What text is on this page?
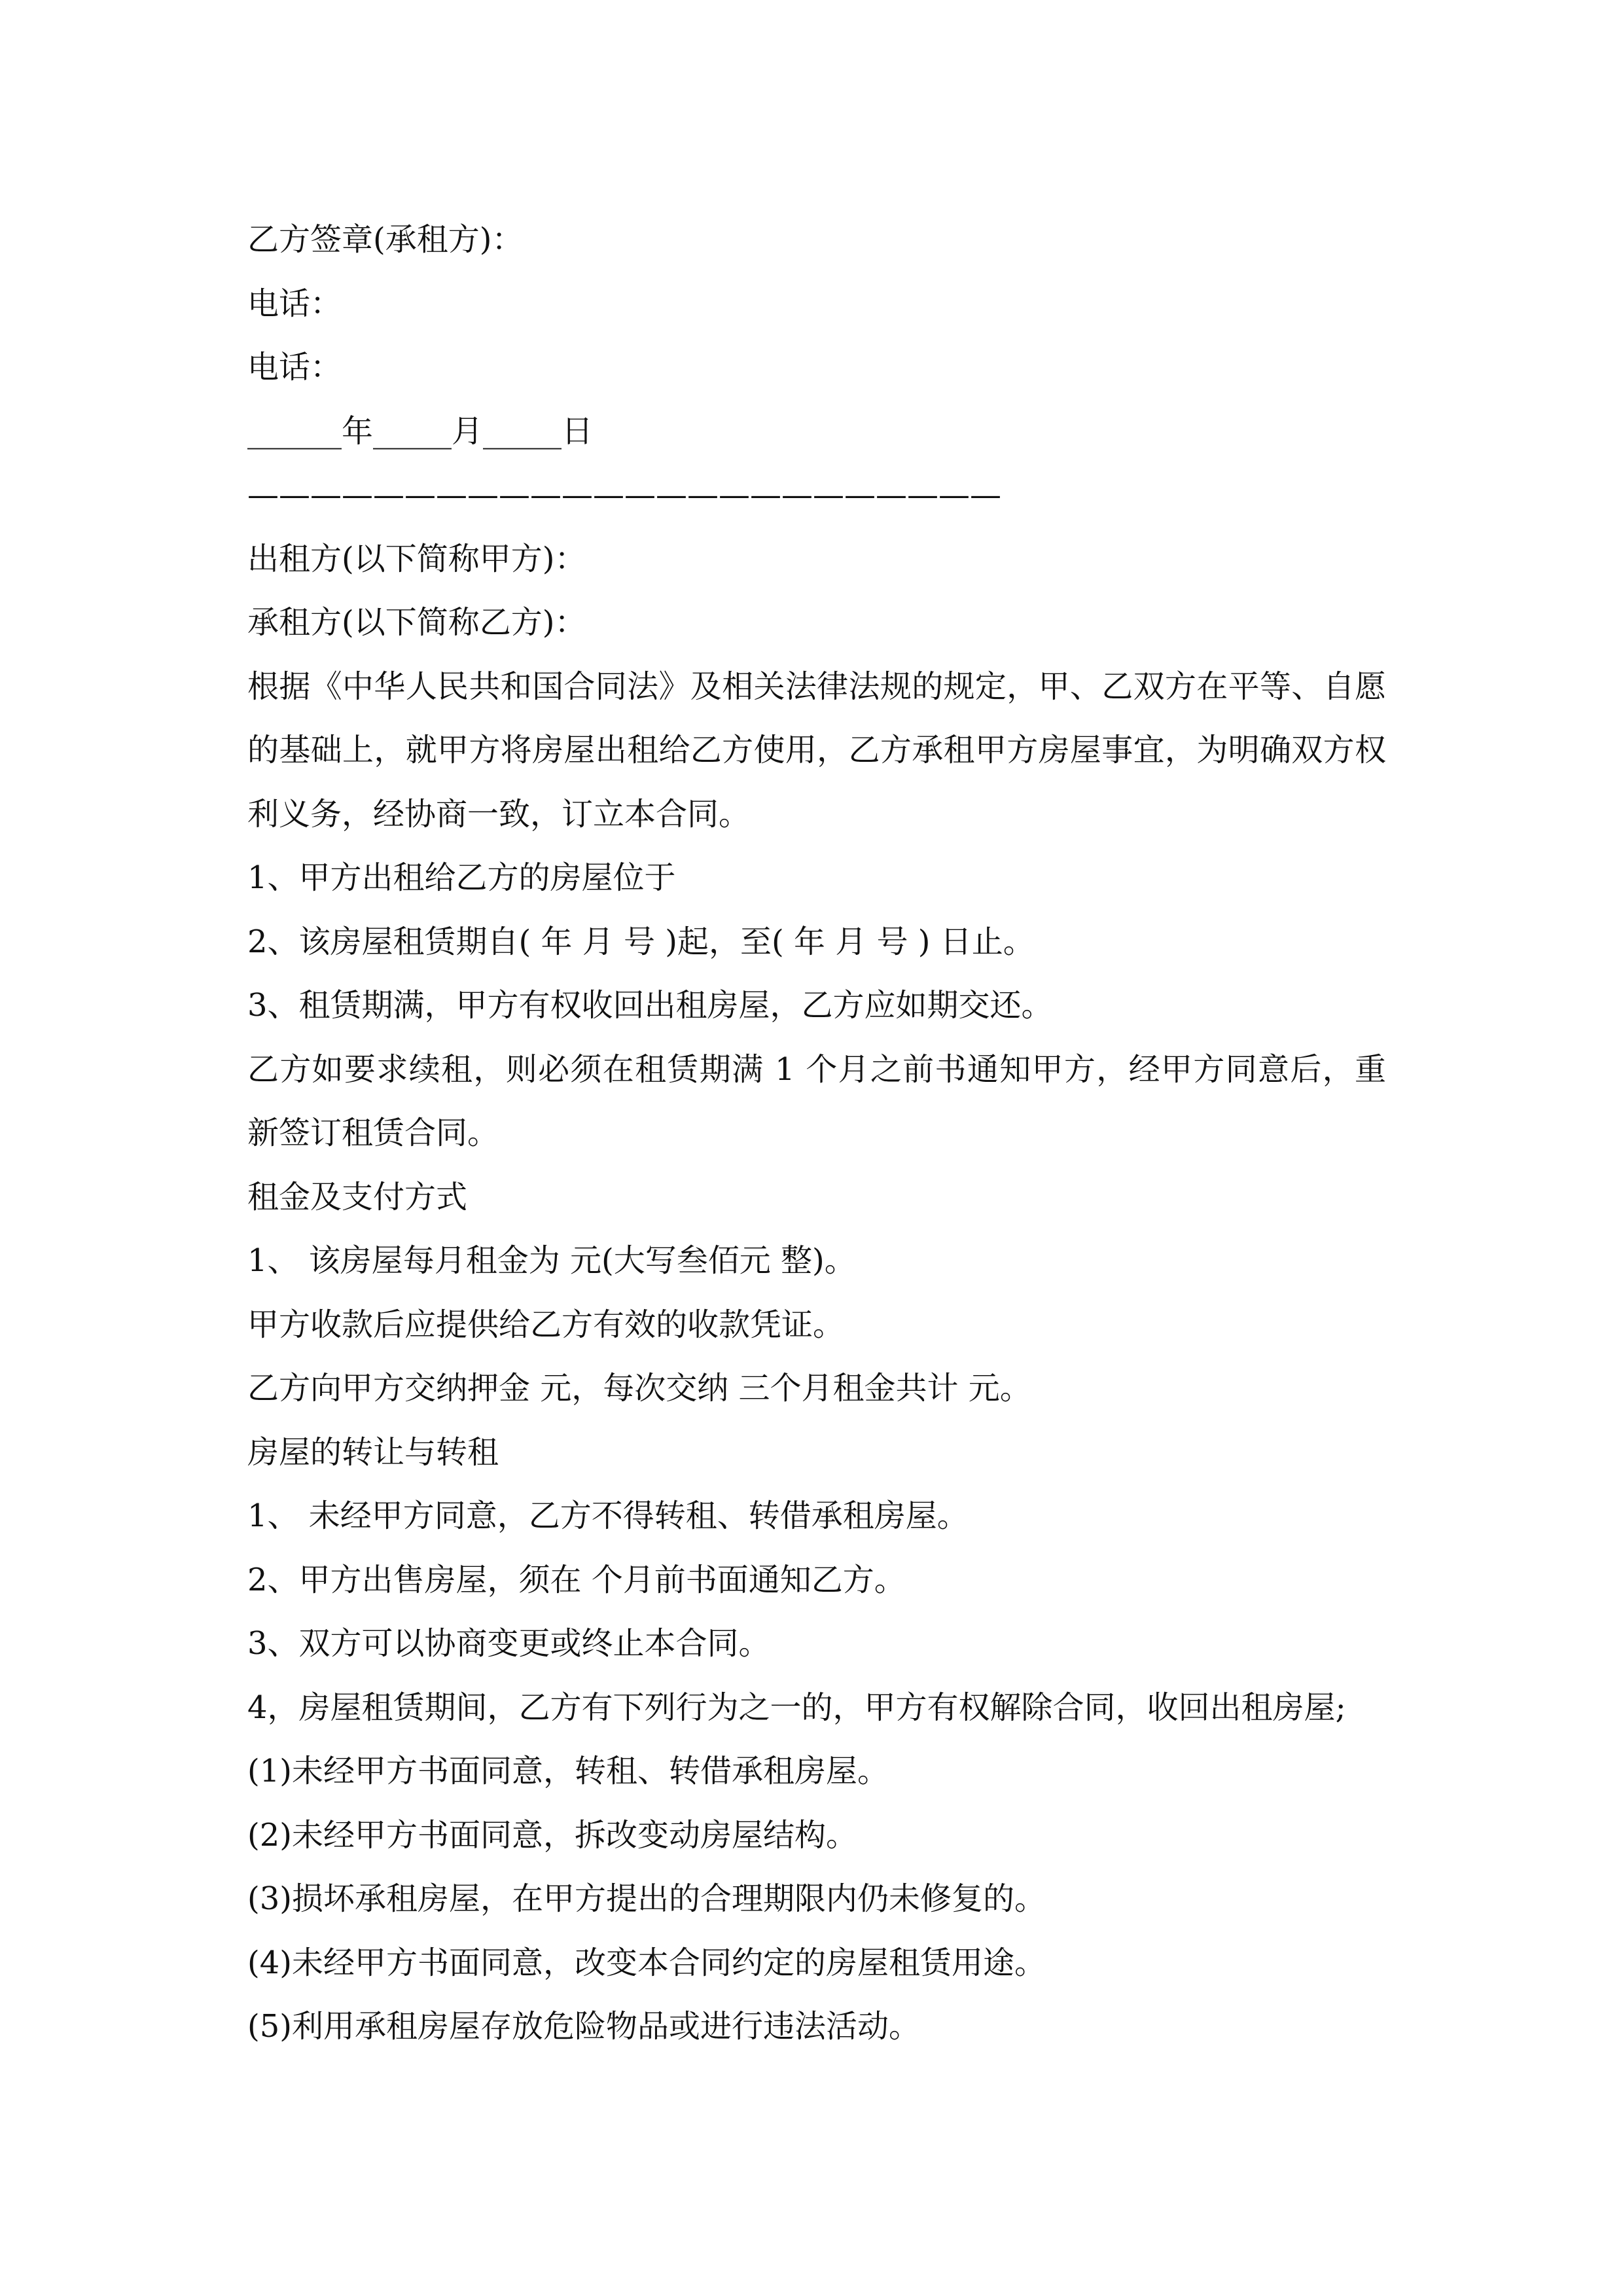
乙方签章(承租方)：

电话：

电话：

______年_____月_____日

————————————————————————

出租方(以下简称甲方)：

承租方(以下简称乙方)：

根据《中华人民共和国合同法》及相关法律法规的规定，甲、乙双方在平等、自愿的基础上，就甲方将房屋出租给乙方使用，乙方承租甲方房屋事宜，为明确双方权利义务，经协商一致，订立本合同。

1、甲方出租给乙方的房屋位于

2、该房屋租赁期自( 年 月 号 )起，至( 年 月 号 ) 日止。

3、租赁期满，甲方有权收回出租房屋，乙方应如期交还。

乙方如要求续租，则必须在租赁期满 1 个月之前书通知甲方，经甲方同意后，重新签订租赁合同。

租金及支付方式

1、 该房屋每月租金为 元(大写叁佰元 整)。

甲方收款后应提供给乙方有效的收款凭证。

乙方向甲方交纳押金 元，每次交纳 三个月租金共计 元。

房屋的转让与转租

1、 未经甲方同意，乙方不得转租、转借承租房屋。

2、甲方出售房屋，须在 个月前书面通知乙方。

3、双方可以协商变更或终止本合同。

4，房屋租赁期间，乙方有下列行为之一的，甲方有权解除合同，收回出租房屋;

(1)未经甲方书面同意，转租、转借承租房屋。

(2)未经甲方书面同意，拆改变动房屋结构。

(3)损坏承租房屋，在甲方提出的合理期限内仍未修复的。

(4)未经甲方书面同意，改变本合同约定的房屋租赁用途。

(5)利用承租房屋存放危险物品或进行违法活动。
